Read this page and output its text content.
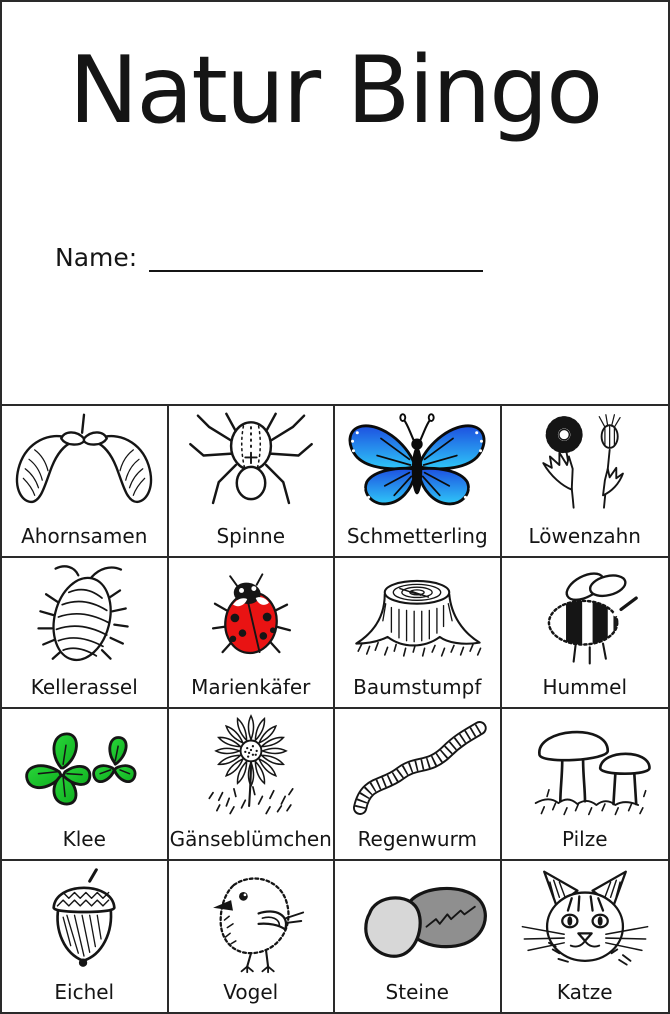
Natur Bingo
Name:
Ahornsamen	Spinne	Schmetterling	Löwenzahn
Kellerassel	Marienkäfer	Baumstumpf	Hummel
Klee	Gänseblümchen	Regenwurm	Pilze
Eichel	Vogel	Steine	Katze
